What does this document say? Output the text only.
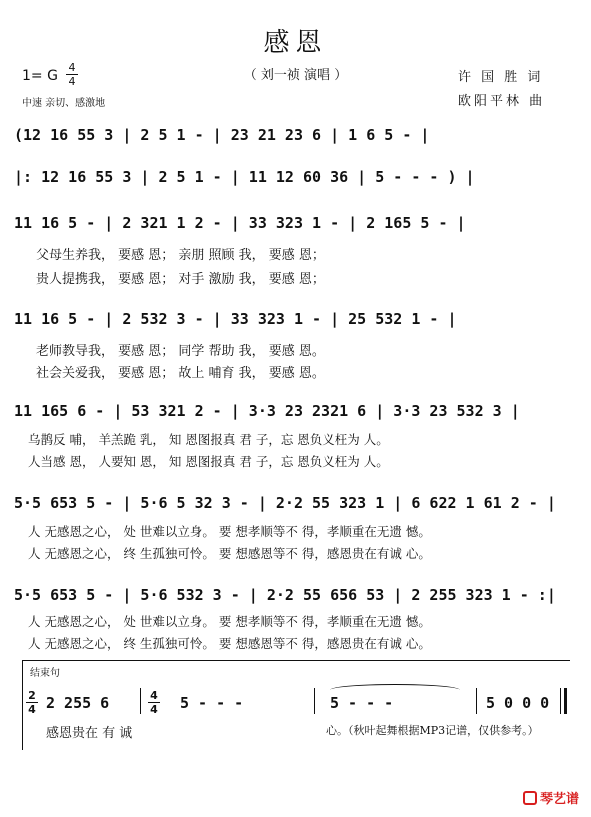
感恩
（ 刘一祯 演唱 ）	许 国 胜 词
欧阳平林 曲
1= G
4
4
中速 亲切、感激地
(12 16 55 3 | 2 5 1 - | 23 21 23 6 | 1 6 5 - |
|: 12 16 55 3 | 2 5 1 - | 11 12 60 36 | 5 - - - ) |
11 16 5 - | 2 321 1 2 - | 33 323 1 - | 2 165 5 - |
父母生养我， 要感 恩； 亲朋 照顾 我， 要感 恩；
贵人提携我， 要感 恩； 对手 激励 我， 要感 恩；
11 16 5 - | 2 532 3 - | 33 323 1 - | 25 532 1 - |
老师教导我， 要感 恩； 同学 帮助 我， 要感 恩。
社会关爱我， 要感 恩； 故上 哺育 我， 要感 恩。
11 165 6 - | 53 321 2 - | 3·3 23 2321 6 | 3·3 23 532 3 |
乌鹊反 哺， 羊羔跪 乳， 知 恩图报真 君 子，忘 恩负义枉为 人。
人当感 恩， 人要知 恩， 知 恩图报真 君 子，忘 恩负义枉为 人。
5·5 653 5 - | 5·6 5 32 3 - | 2·2 55 323 1 | 6 622 1 61 2 - |
人 无感恩之心， 处 世难以立身。 要 想孝顺等不 得，孝顺重在无遗 憾。
人 无感恩之心， 终 生孤独可怜。 要 想感恩等不 得，感恩贵在有诚 心。
5·5 653 5 - | 5·6 532 3 - | 2·2 55 656 53 | 2 255 323 1 - :|
人 无感恩之心， 处 世难以立身。 要 想孝顺等不 得，孝顺重在无遗 憾。
人 无感恩之心， 终 生孤独可怜。 要 想感恩等不 得，感恩贵在有诚 心。
结束句
2
4 2 255 6	4
4 5 - - -	5 - - -	5 0 0 0
感恩贵在 有 诚	心。（秋叶起舞根据MP3记谱，仅供参考。）
琴艺谱
